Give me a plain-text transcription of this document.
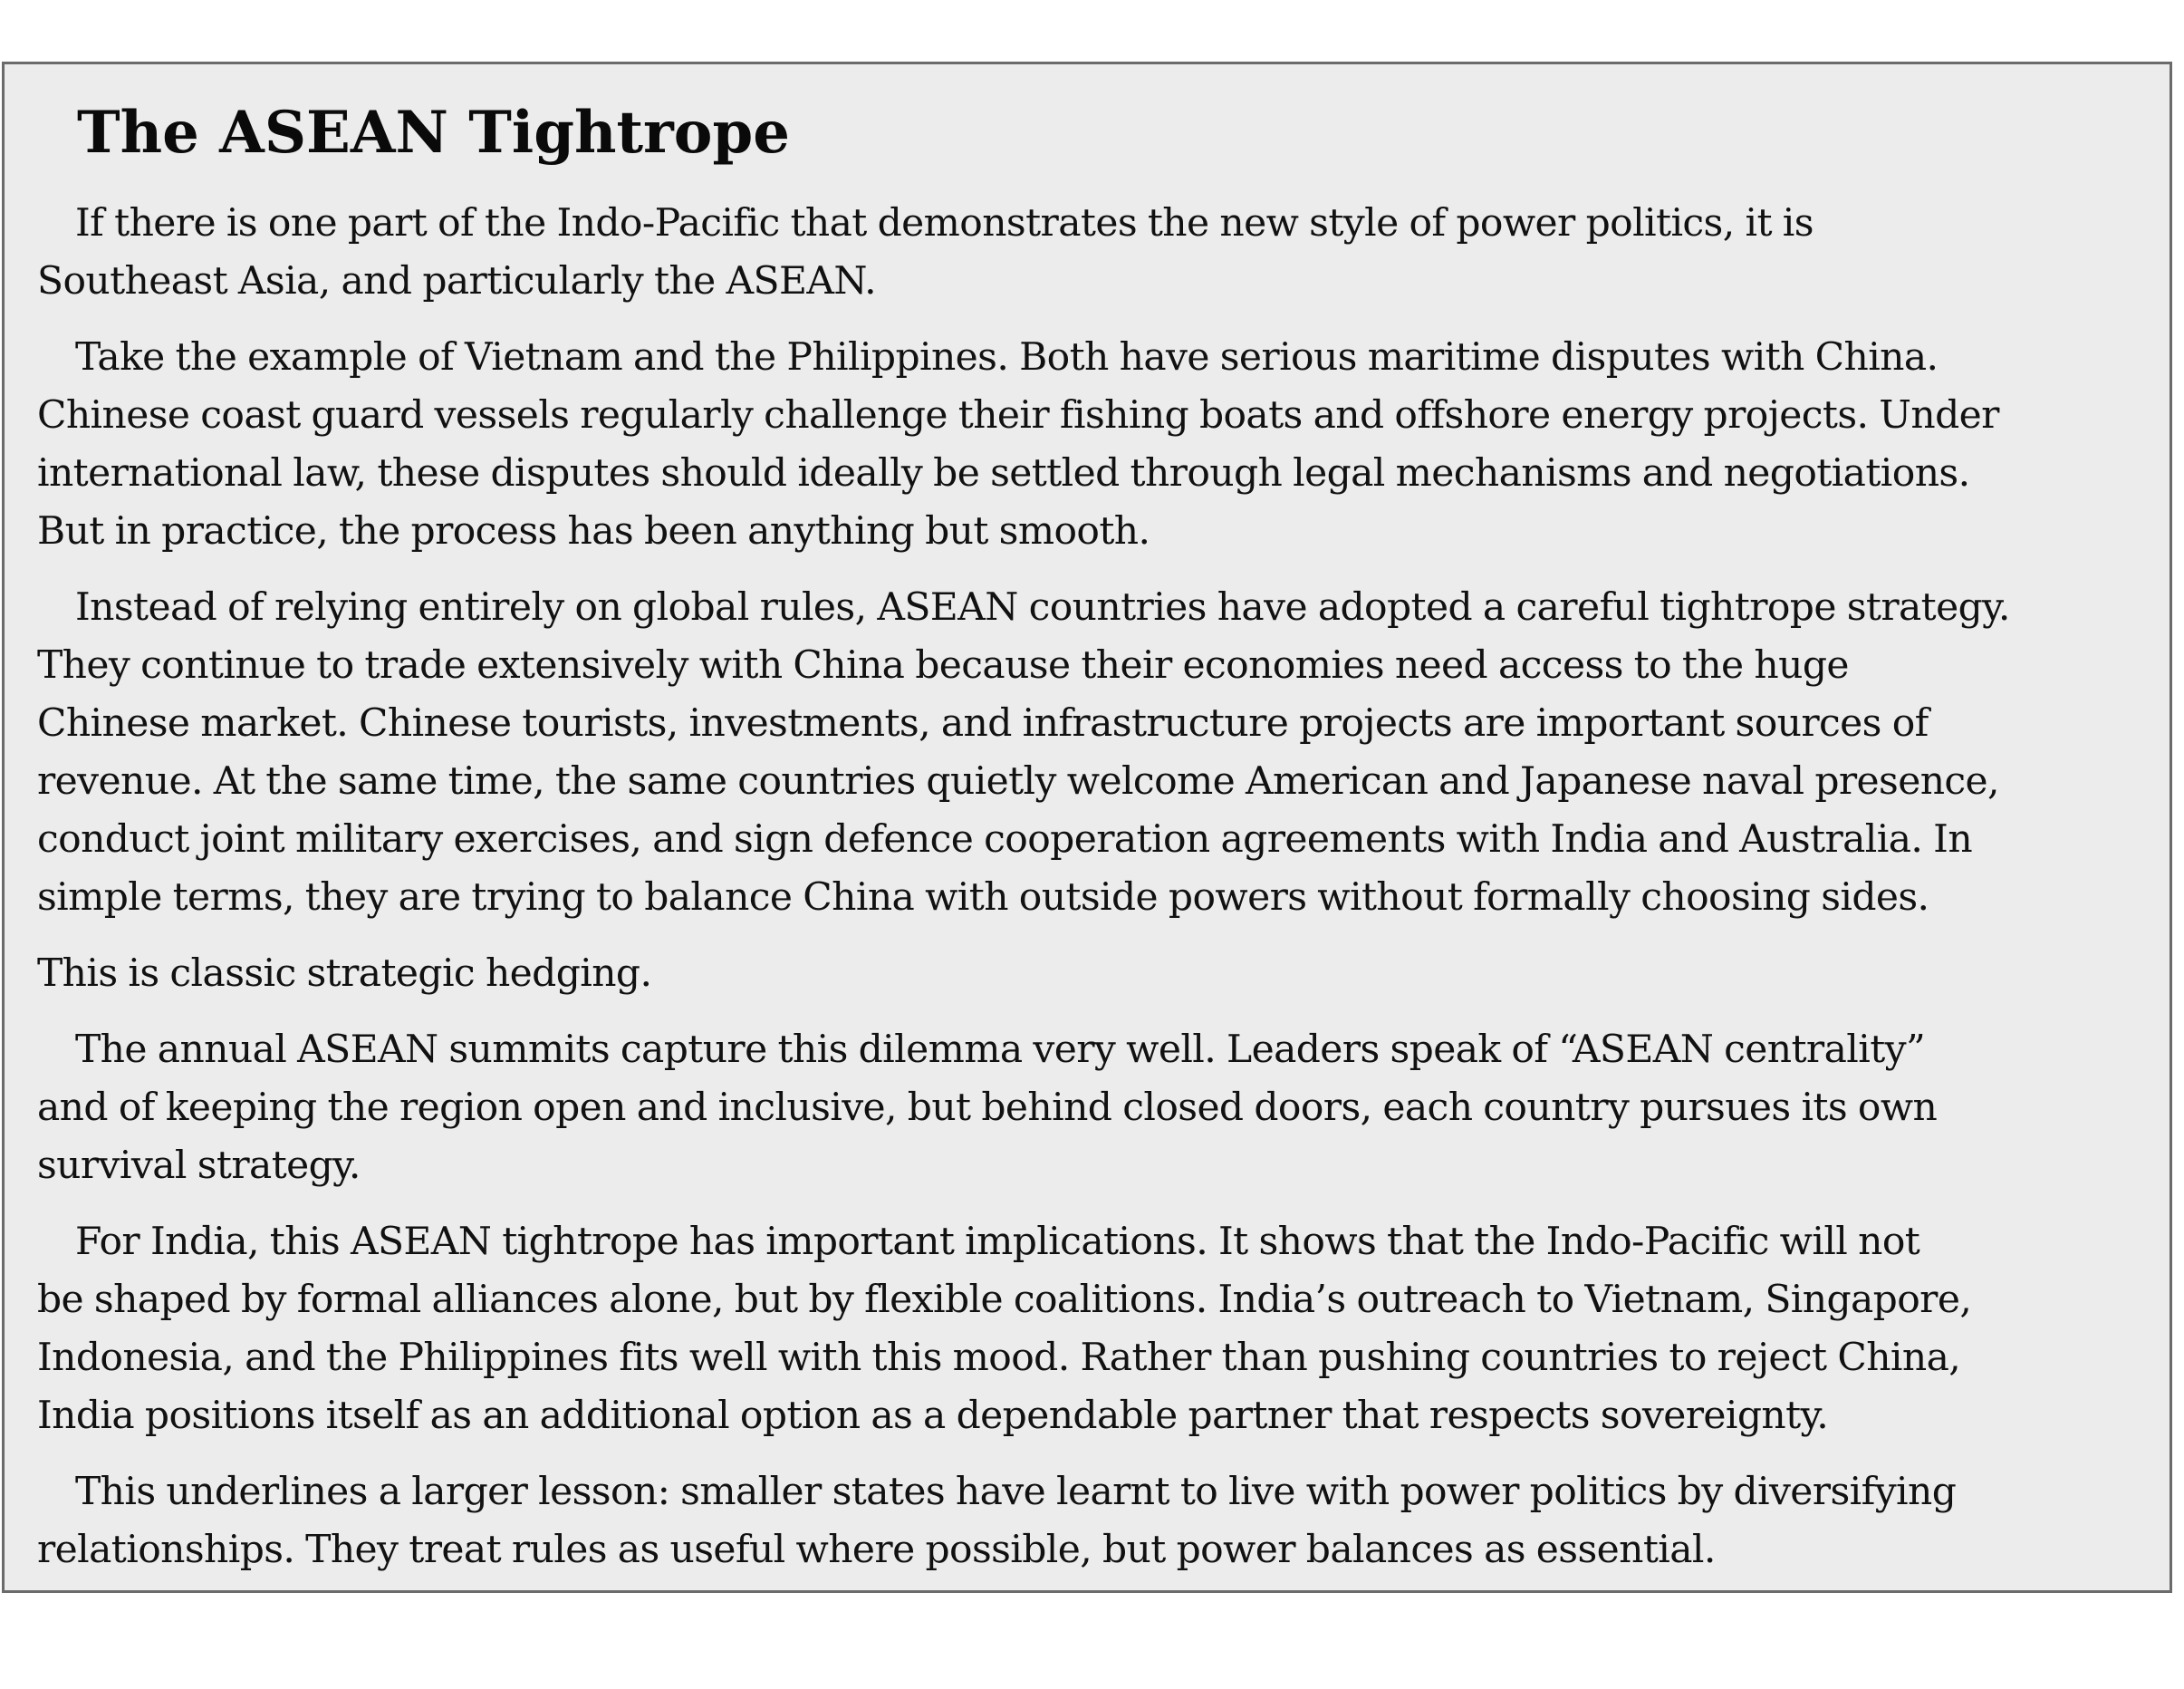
The ASEAN Tightrope

If there is one part of the Indo-Pacific that demonstrates the new style of power politics, it is
Southeast Asia, and particularly the ASEAN.

Take the example of Vietnam and the Philippines. Both have serious maritime disputes with China.
Chinese coast guard vessels regularly challenge their fishing boats and offshore energy projects. Under
international law, these disputes should ideally be settled through legal mechanisms and negotiations.
But in practice, the process has been anything but smooth.

Instead of relying entirely on global rules, ASEAN countries have adopted a careful tightrope strategy.
They continue to trade extensively with China because their economies need access to the huge
Chinese market. Chinese tourists, investments, and infrastructure projects are important sources of
revenue. At the same time, the same countries quietly welcome American and Japanese naval presence,
conduct joint military exercises, and sign defence cooperation agreements with India and Australia. In
simple terms, they are trying to balance China with outside powers without formally choosing sides.

This is classic strategic hedging.

The annual ASEAN summits capture this dilemma very well. Leaders speak of “ASEAN centrality”
and of keeping the region open and inclusive, but behind closed doors, each country pursues its own
survival strategy.

For India, this ASEAN tightrope has important implications. It shows that the Indo-Pacific will not
be shaped by formal alliances alone, but by flexible coalitions. India’s outreach to Vietnam, Singapore,
Indonesia, and the Philippines fits well with this mood. Rather than pushing countries to reject China,
India positions itself as an additional option as a dependable partner that respects sovereignty.

This underlines a larger lesson: smaller states have learnt to live with power politics by diversifying
relationships. They treat rules as useful where possible, but power balances as essential.
